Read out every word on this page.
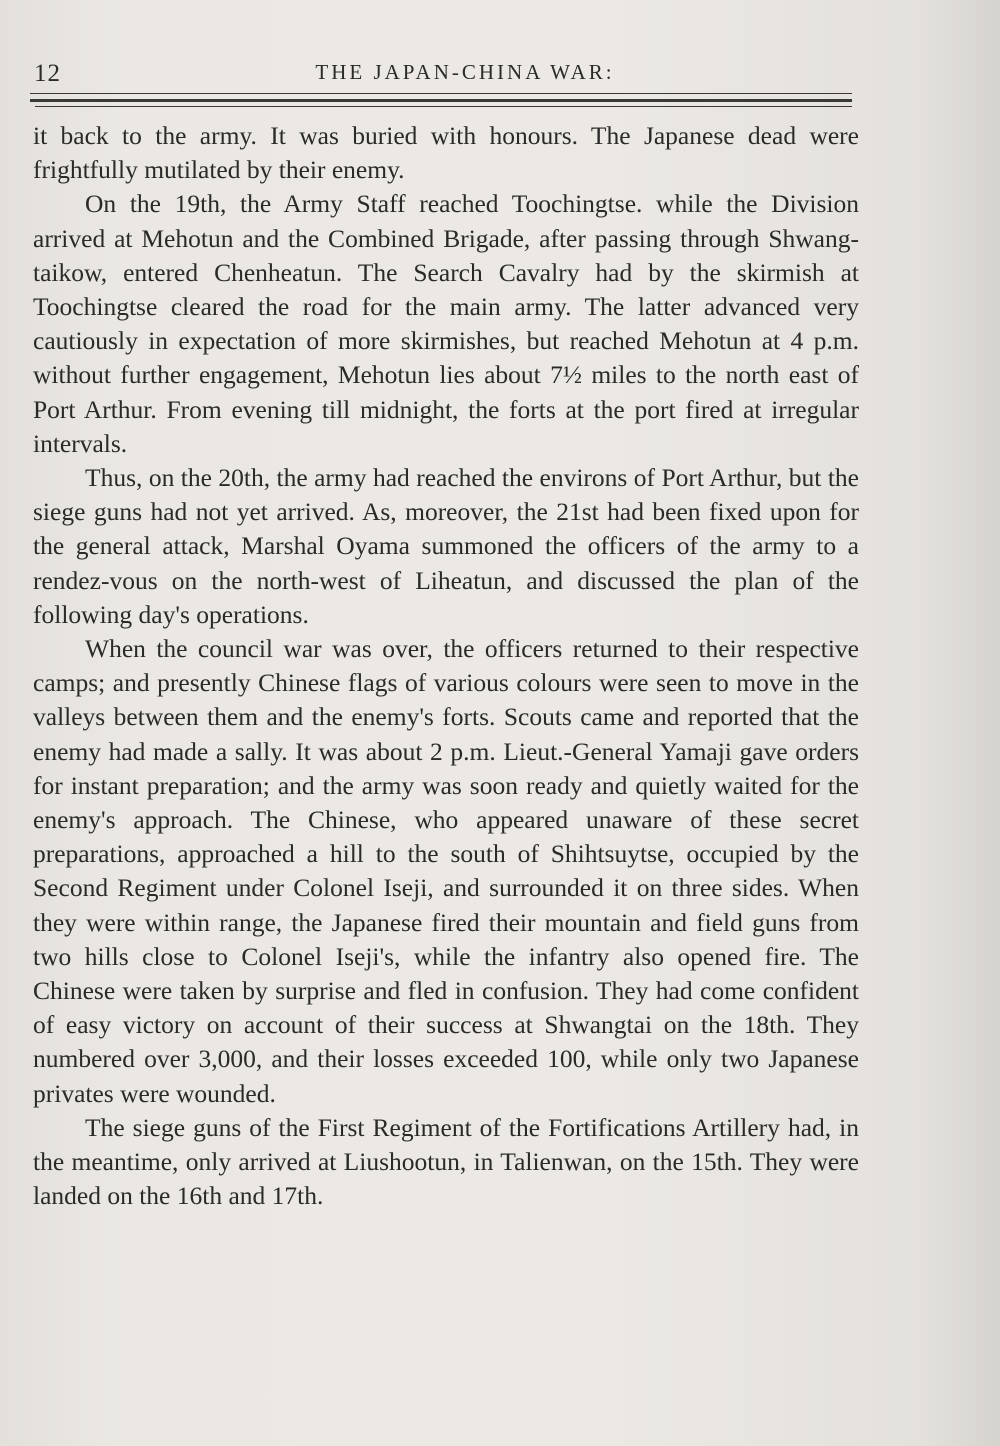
12	THE JAPAN-CHINA WAR:

it back to the army. It was buried with honours. The Japanese dead were frightfully mutilated by their enemy.

On the 19th, the Army Staff reached Toochingtse. while the Division arrived at Mehotun and the Combined Brigade, after passing through Shwang-taikow, entered Chenheatun. The Search Cavalry had by the skirmish at Toochingtse cleared the road for the main army. The latter advanced very cautiously in expectation of more skirmishes, but reached Mehotun at 4 p.m. without further engagement, Mehotun lies about 7½ miles to the north east of Port Arthur. From evening till midnight, the forts at the port fired at irregular intervals.

Thus, on the 20th, the army had reached the environs of Port Arthur, but the siege guns had not yet arrived. As, moreover, the 21st had been fixed upon for the general attack, Marshal Oyama summoned the officers of the army to a rendez-vous on the north-west of Liheatun, and discussed the plan of the following day's operations.

When the council war was over, the officers returned to their respective camps; and presently Chinese flags of various colours were seen to move in the valleys between them and the enemy's forts. Scouts came and reported that the enemy had made a sally. It was about 2 p.m. Lieut.-General Yamaji gave orders for instant preparation; and the army was soon ready and quietly waited for the enemy's approach. The Chinese, who appeared unaware of these secret preparations, approached a hill to the south of Shihtsuytse, occupied by the Second Regiment under Colonel Iseji, and surrounded it on three sides. When they were within range, the Japanese fired their mountain and field guns from two hills close to Colonel Iseji's, while the infantry also opened fire. The Chinese were taken by surprise and fled in confusion. They had come confident of easy victory on account of their success at Shwangtai on the 18th. They numbered over 3,000, and their losses exceeded 100, while only two Japanese privates were wounded.

The siege guns of the First Regiment of the Fortifications Artillery had, in the meantime, only arrived at Liushootun, in Talienwan, on the 15th. They were landed on the 16th and 17th.
